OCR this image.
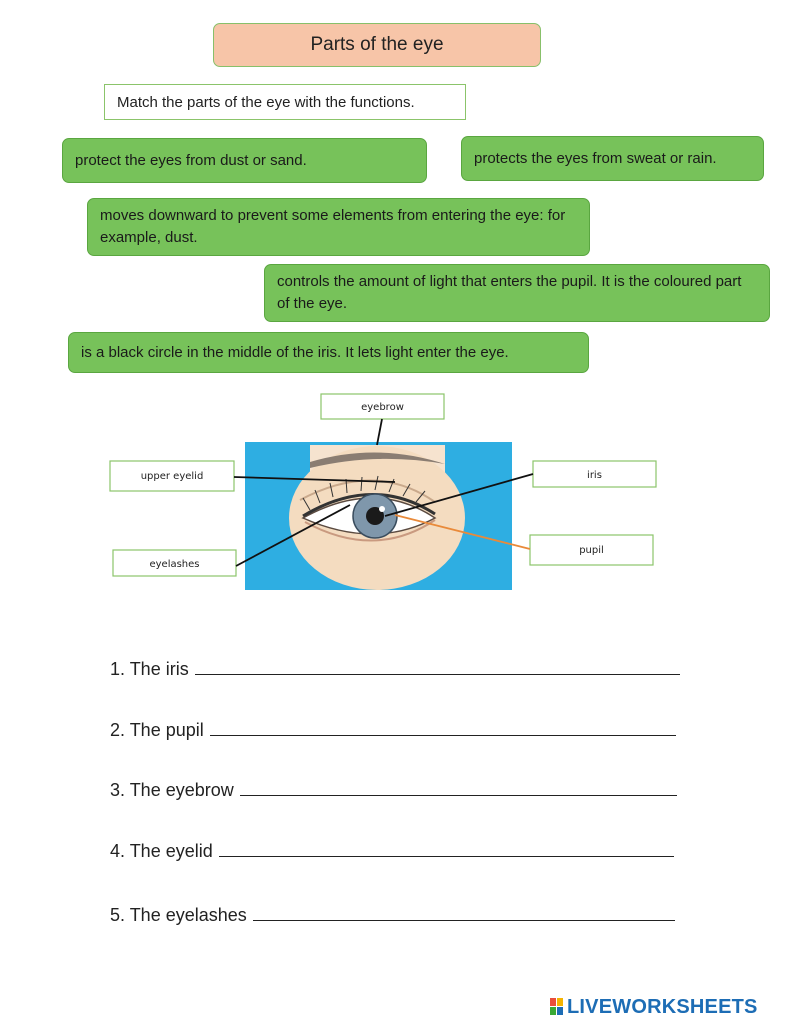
Parts of the eye
Match the parts of the eye with the functions.
protect the eyes from dust or sand.	protects the eyes from sweat or rain.
moves downward to prevent some elements from entering the eye: for example, dust.
controls the amount of light that enters the pupil. It is the coloured part of the eye.
is a black circle in the middle of the iris. It lets light enter the eye.
eyebrow
upper eyelid
eyelashes
iris
pupil
1. The iris
2. The pupil
3. The eyebrow
4. The eyelid
5. The eyelashes
LIVEWORKSHEETS
